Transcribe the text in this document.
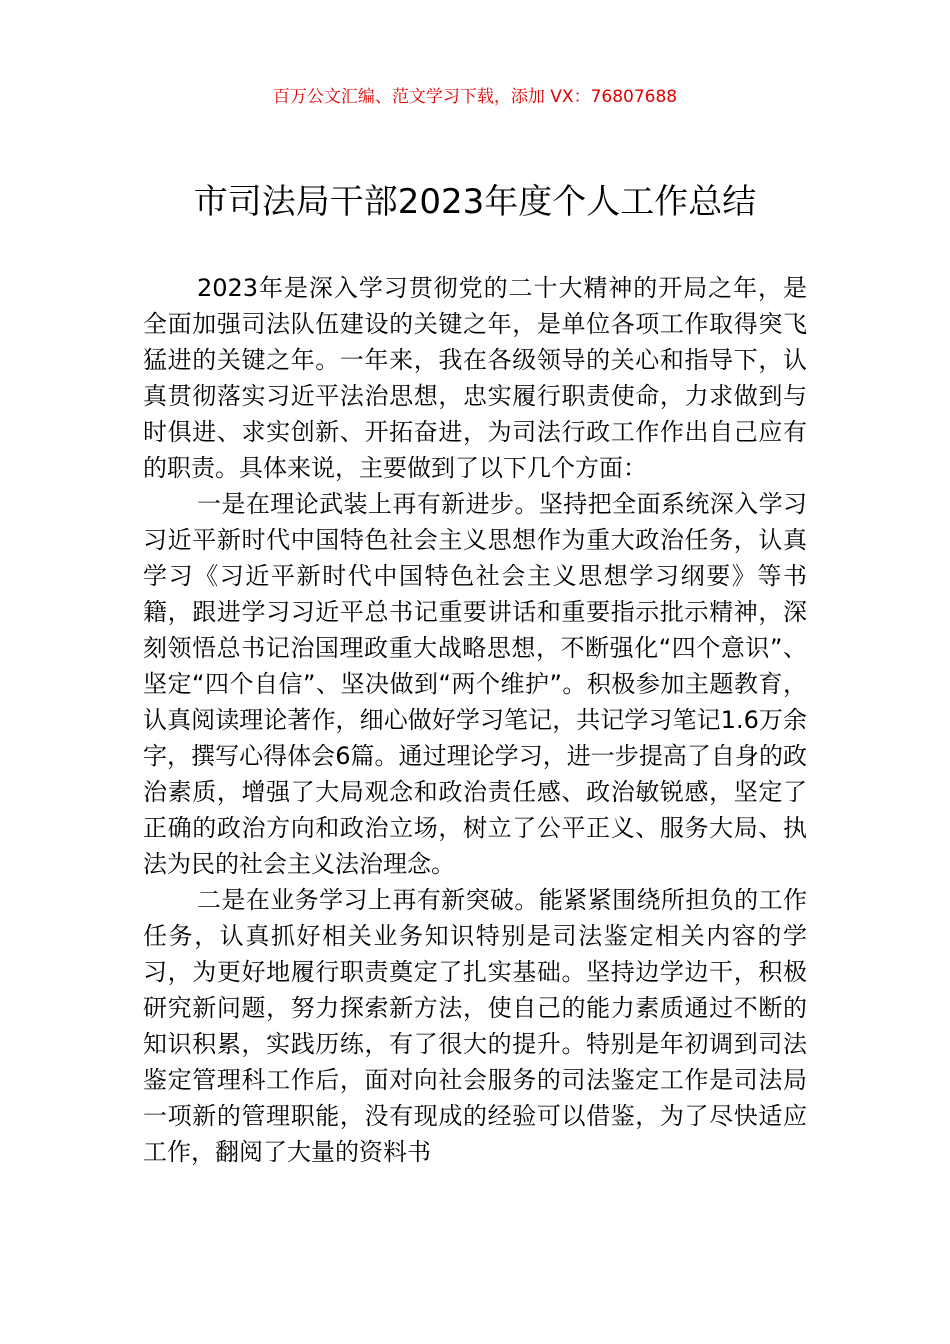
百万公文汇编、范文学习下载，添加 VX：76807688
市司法局干部2023年度个人工作总结

2023年是深入学习贯彻党的二十大精神的开局之年，是全面加强司法队伍建设的关键之年，是单位各项工作取得突飞猛进的关键之年。一年来，我在各级领导的关心和指导下，认真贯彻落实习近平法治思想，忠实履行职责使命，力求做到与时俱进、求实创新、开拓奋进，为司法行政工作作出自己应有的职责。具体来说，主要做到了以下几个方面：

一是在理论武装上再有新进步。坚持把全面系统深入学习习近平新时代中国特色社会主义思想作为重大政治任务，认真学习《习近平新时代中国特色社会主义思想学习纲要》等书籍，跟进学习习近平总书记重要讲话和重要指示批示精神，深刻领悟总书记治国理政重大战略思想，不断强化“四个意识”、坚定“四个自信”、坚决做到“两个维护”。积极参加主题教育，认真阅读理论著作，细心做好学习笔记，共记学习笔记1.6万余字，撰写心得体会6篇。通过理论学习，进一步提高了自身的政治素质，增强了大局观念和政治责任感、政治敏锐感，坚定了正确的政治方向和政治立场，树立了公平正义、服务大局、执法为民的社会主义法治理念。

二是在业务学习上再有新突破。能紧紧围绕所担负的工作任务，认真抓好相关业务知识特别是司法鉴定相关内容的学习，为更好地履行职责奠定了扎实基础。坚持边学边干，积极研究新问题，努力探索新方法，使自己的能力素质通过不断的知识积累，实践历练，有了很大的提升。特别是年初调到司法鉴定管理科工作后，面对向社会服务的司法鉴定工作是司法局一项新的管理职能，没有现成的经验可以借鉴，为了尽快适应工作，翻阅了大量的资料书
